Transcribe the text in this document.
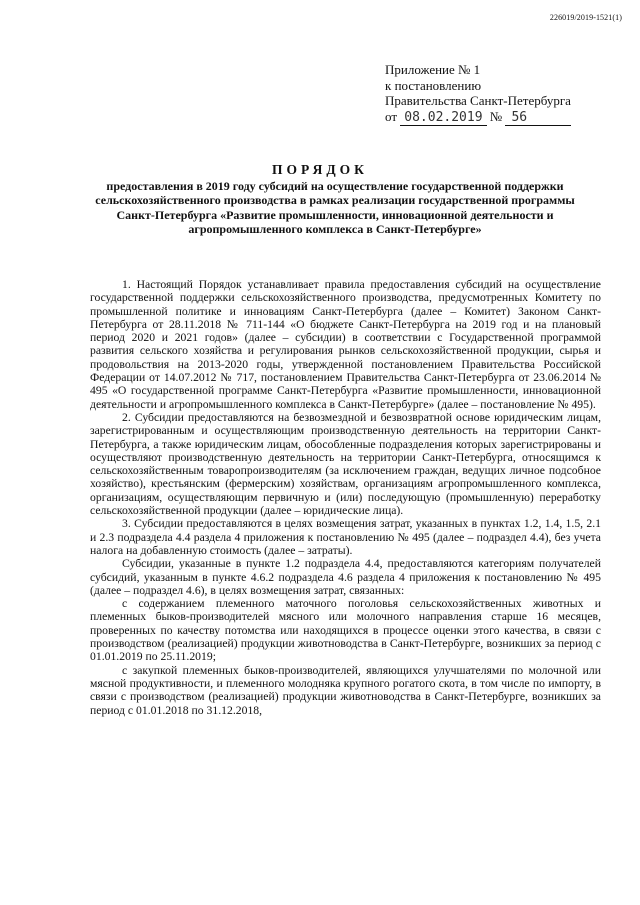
226019/2019-1521(1)
Приложение № 1
к постановлению
Правительства Санкт-Петербурга
от 08.02.2019 № 56
ПОРЯДОК
предоставления в 2019 году субсидий на осуществление государственной поддержки сельскохозяйственного производства в рамках реализации государственной программы Санкт-Петербурга «Развитие промышленности, инновационной деятельности и агропромышленного комплекса в Санкт-Петербурге»

1. Настоящий Порядок устанавливает правила предоставления субсидий на осуществление государственной поддержки сельскохозяйственного производства, предусмотренных Комитету по промышленной политике и инновациям Санкт-Петербурга (далее – Комитет) Законом Санкт-Петербурга от 28.11.2018 № 711-144 «О бюджете Санкт-Петербурга на 2019 год и на плановый период 2020 и 2021 годов» (далее – субсидии) в соответствии с Государственной программой развития сельского хозяйства и регулирования рынков сельскохозяйственной продукции, сырья и продовольствия на 2013-2020 годы, утвержденной постановлением Правительства Российской Федерации от 14.07.2012 № 717, постановлением Правительства Санкт-Петербурга от 23.06.2014 № 495 «О государственной программе Санкт-Петербурга «Развитие промышленности, инновационной деятельности и агропромышленного комплекса в Санкт-Петербурге» (далее – постановление № 495).

2. Субсидии предоставляются на безвозмездной и безвозвратной основе юридическим лицам, зарегистрированным и осуществляющим производственную деятельность на территории Санкт-Петербурга, а также юридическим лицам, обособленные подразделения которых зарегистрированы и осуществляют производственную деятельность на территории Санкт-Петербурга, относящимся к сельскохозяйственным товаропроизводителям (за исключением граждан, ведущих личное подсобное хозяйство), крестьянским (фермерским) хозяйствам, организациям агропромышленного комплекса, организациям, осуществляющим первичную и (или) последующую (промышленную) переработку сельскохозяйственной продукции (далее – юридические лица).

3. Субсидии предоставляются в целях возмещения затрат, указанных в пунктах 1.2, 1.4, 1.5, 2.1 и 2.3 подраздела 4.4 раздела 4 приложения к постановлению № 495 (далее – подраздел 4.4), без учета налога на добавленную стоимость (далее – затраты).

Субсидии, указанные в пункте 1.2 подраздела 4.4, предоставляются категориям получателей субсидий, указанным в пункте 4.6.2 подраздела 4.6 раздела 4 приложения к постановлению № 495 (далее – подраздел 4.6), в целях возмещения затрат, связанных:

с содержанием племенного маточного поголовья сельскохозяйственных животных и племенных быков-производителей мясного или молочного направления старше 16 месяцев, проверенных по качеству потомства или находящихся в процессе оценки этого качества, в связи с производством (реализацией) продукции животноводства в Санкт-Петербурге, возникших за период с 01.01.2019 по 25.11.2019;

с закупкой племенных быков-производителей, являющихся улучшателями по молочной или мясной продуктивности, и племенного молодняка крупного рогатого скота, в том числе по импорту, в связи с производством (реализацией) продукции животноводства в Санкт-Петербурге, возникших за период с 01.01.2018 по 31.12.2018,
